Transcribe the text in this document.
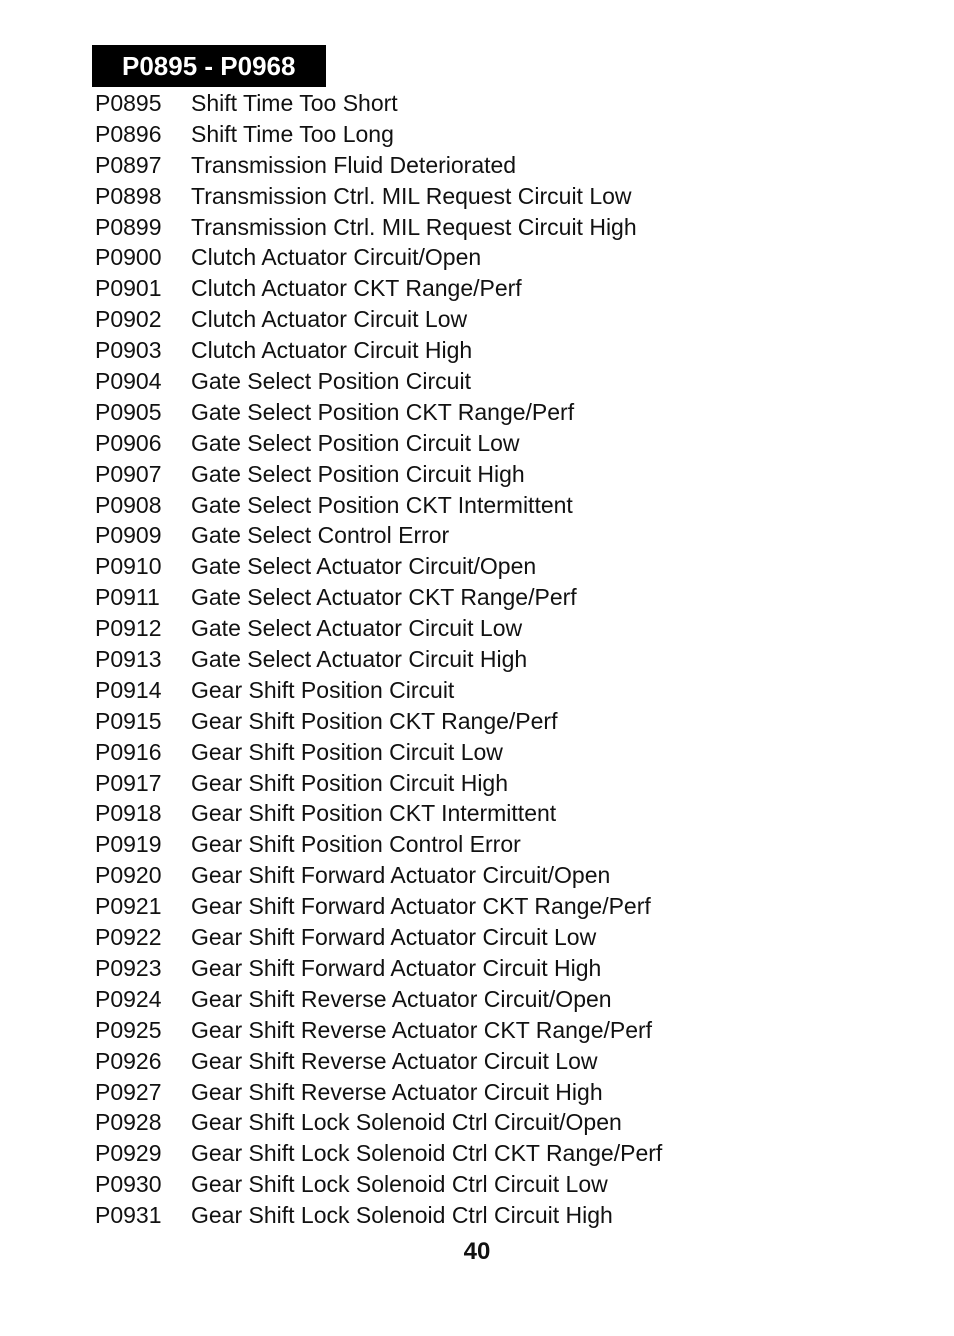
P0895 - P0968
P0895	Shift Time Too Short
P0896	Shift Time Too Long
P0897	Transmission Fluid Deteriorated
P0898	Transmission Ctrl. MIL Request Circuit Low
P0899	Transmission Ctrl. MIL Request Circuit High
P0900	Clutch Actuator Circuit/Open
P0901	Clutch Actuator CKT Range/Perf
P0902	Clutch Actuator Circuit Low
P0903	Clutch Actuator Circuit High
P0904	Gate Select Position Circuit
P0905	Gate Select Position CKT Range/Perf
P0906	Gate Select Position Circuit Low
P0907	Gate Select Position Circuit High
P0908	Gate Select Position CKT Intermittent
P0909	Gate Select Control Error
P0910	Gate Select Actuator Circuit/Open
P0911	Gate Select Actuator CKT Range/Perf
P0912	Gate Select Actuator Circuit Low
P0913	Gate Select Actuator Circuit High
P0914	Gear Shift Position Circuit
P0915	Gear Shift Position CKT Range/Perf
P0916	Gear Shift Position Circuit Low
P0917	Gear Shift Position Circuit High
P0918	Gear Shift Position CKT Intermittent
P0919	Gear Shift Position Control Error
P0920	Gear Shift Forward Actuator Circuit/Open
P0921	Gear Shift Forward Actuator CKT Range/Perf
P0922	Gear Shift Forward Actuator Circuit Low
P0923	Gear Shift Forward Actuator Circuit High
P0924	Gear Shift Reverse Actuator Circuit/Open
P0925	Gear Shift Reverse Actuator CKT Range/Perf
P0926	Gear Shift Reverse Actuator Circuit Low
P0927	Gear Shift Reverse Actuator Circuit High
P0928	Gear Shift Lock Solenoid Ctrl Circuit/Open
P0929	Gear Shift Lock Solenoid Ctrl CKT Range/Perf
P0930	Gear Shift Lock Solenoid Ctrl Circuit Low
P0931	Gear Shift Lock Solenoid Ctrl Circuit High
40
